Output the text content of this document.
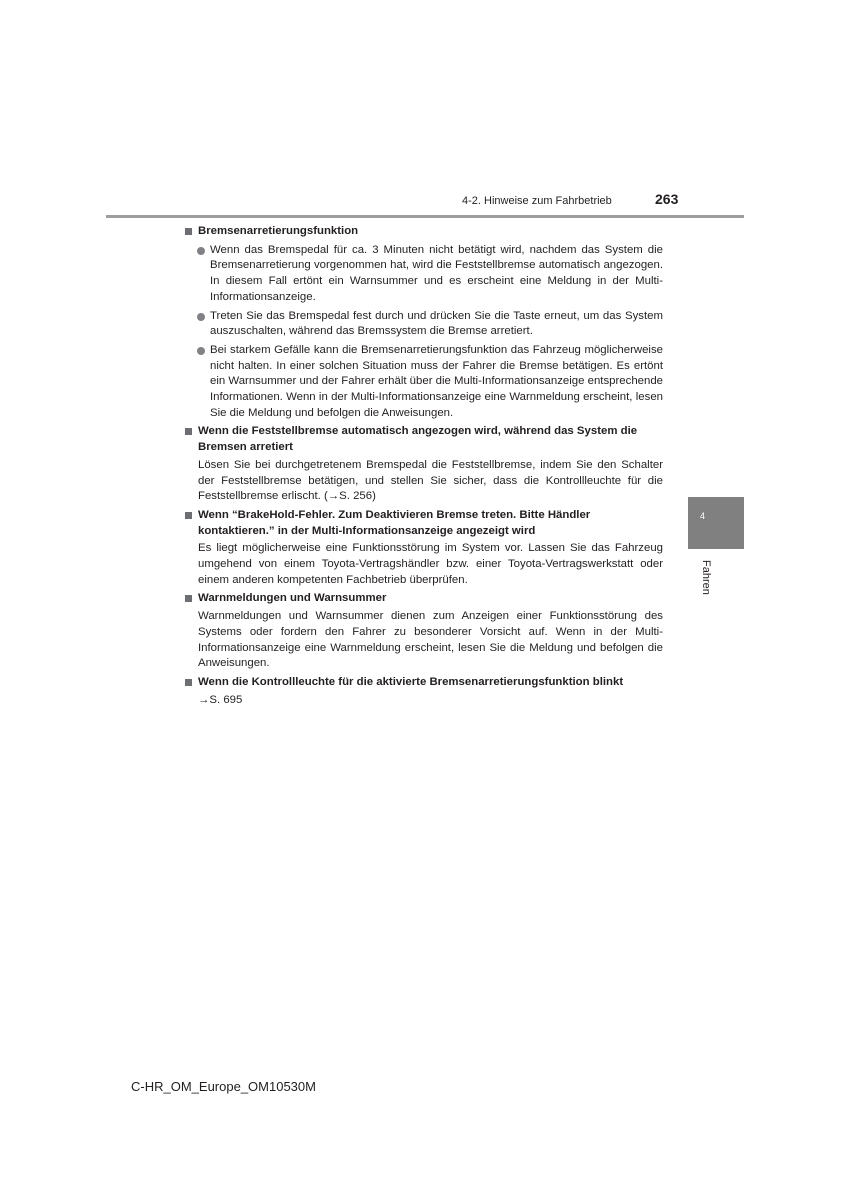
4-2. Hinweise zum Fahrbetrieb	263
Bremsenarretierungsfunktion
Wenn das Bremspedal für ca. 3 Minuten nicht betätigt wird, nachdem das System die Bremsenarretierung vorgenommen hat, wird die Feststellbremse automatisch angezogen. In diesem Fall ertönt ein Warnsummer und es erscheint eine Meldung in der Multi-Informationsanzeige.
Treten Sie das Bremspedal fest durch und drücken Sie die Taste erneut, um das System auszuschalten, während das Bremssystem die Bremse arretiert.
Bei starkem Gefälle kann die Bremsenarretierungsfunktion das Fahrzeug möglicherweise nicht halten. In einer solchen Situation muss der Fahrer die Bremse betätigen. Es ertönt ein Warnsummer und der Fahrer erhält über die Multi-Informationsanzeige entsprechende Informationen. Wenn in der Multi-Informationsanzeige eine Warnmeldung erscheint, lesen Sie die Meldung und befolgen die Anweisungen.
Wenn die Feststellbremse automatisch angezogen wird, während das System die Bremsen arretiert
Lösen Sie bei durchgetretenem Bremspedal die Feststellbremse, indem Sie den Schalter der Feststellbremse betätigen, und stellen Sie sicher, dass die Kontrollleuchte für die Feststellbremse erlischt. (→S. 256)
Wenn “BrakeHold-Fehler. Zum Deaktivieren Bremse treten. Bitte Händler kontaktieren.” in der Multi-Informationsanzeige angezeigt wird
Es liegt möglicherweise eine Funktionsstörung im System vor. Lassen Sie das Fahrzeug umgehend von einem Toyota-Vertragshändler bzw. einer Toyota-Vertragswerkstatt oder einem anderen kompetenten Fachbetrieb überprüfen.
Warnmeldungen und Warnsummer
Warnmeldungen und Warnsummer dienen zum Anzeigen einer Funktionsstörung des Systems oder fordern den Fahrer zu besonderer Vorsicht auf. Wenn in der Multi-Informationsanzeige eine Warnmeldung erscheint, lesen Sie die Meldung und befolgen die Anweisungen.
Wenn die Kontrollleuchte für die aktivierte Bremsenarretierungsfunktion blinkt
→S. 695
4
Fahren
C-HR_OM_Europe_OM10530M
